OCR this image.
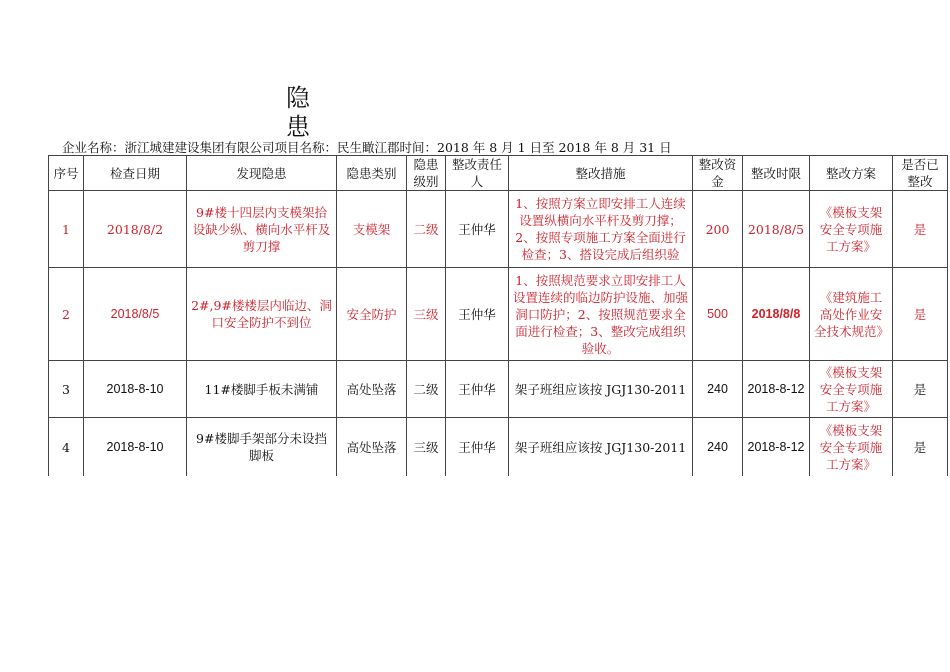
隐
患
企业名称：浙江城建建设集团有限公司项目名称：民生瞰江郡时间：2018 年 8 月 1 日至 2018 年 8 月 31 日
序号	检查日期	发现隐患	隐患类别	隐患级别	整改责任人	整改措施	整改资金	整改时限	整改方案	是否已整改
1	2018/8/2	9#楼十四层内支模架拾设缺少纵、横向水平杆及剪刀撑	支模架	二级	王仲华	1、按照方案立即安排工人连续设置纵横向水平杆及剪刀撑；2、按照专项施工方案全面进行检查；3、搭设完成后组织验	200	2018/8/5	《模板支架安全专项施工方案》	是
2	2018/8/5	2#,9#楼楼层内临边、洞口安全防护不到位	安全防护	三级	王仲华	1、按照规范要求立即安排工人设置连续的临边防护设施、加强洞口防护；2、按照规范要求全面进行检查；3、整改完成组织验收。	500	2018/8/8	《建筑施工高处作业安全技术规范》	是
3	2018-8-10	11#楼脚手板未满铺	高处坠落	二级	王仲华	架子班组应该按 JGJ130-2011	240	2018-8-12	《模板支架安全专项施工方案》	是
4	2018-8-10	9#楼脚手架部分未设挡脚板	高处坠落	三级	王仲华	架子班组应该按 JGJ130-2011	240	2018-8-12	《模板支架安全专项施工方案》	是
